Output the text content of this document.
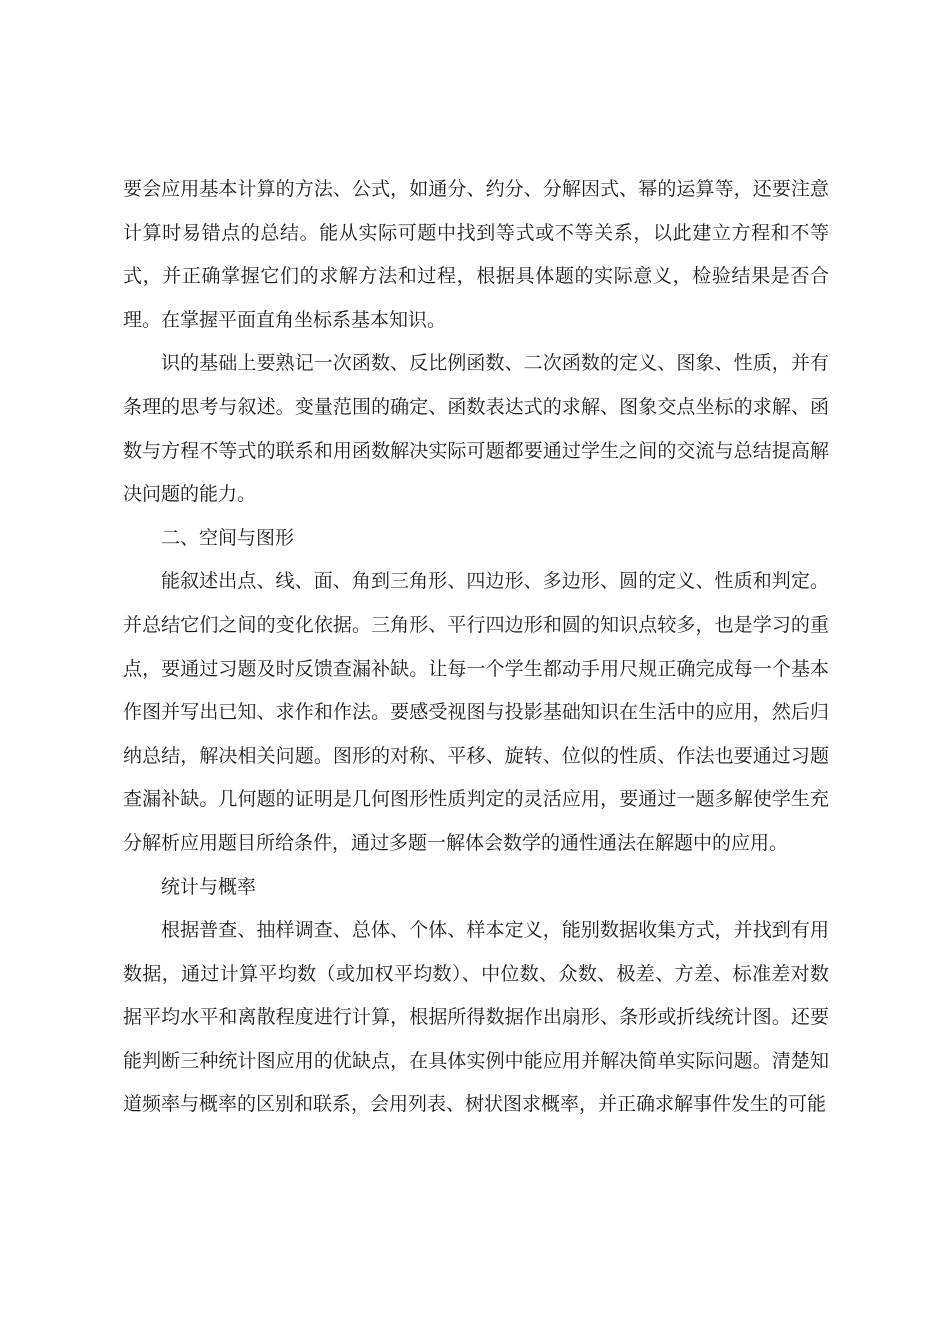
要会应用基本计算的方法、公式，如通分、约分、分解因式、幂的运算等，还要注意计算时易错点的总结。能从实际可题中找到等式或不等关系，以此建立方程和不等式，并正确掌握它们的求解方法和过程，根据具体题的实际意义，检验结果是否合理。在掌握平面直角坐标系基本知识。

识的基础上要熟记一次函数、反比例函数、二次函数的定义、图象、性质，并有条理的思考与叙述。变量范围的确定、函数表达式的求解、图象交点坐标的求解、函数与方程不等式的联系和用函数解决实际可题都要通过学生之间的交流与总结提高解决问题的能力。

二、空间与图形

能叙述出点、线、面、角到三角形、四边形、多边形、圆的定义、性质和判定。并总结它们之间的变化依据。三角形、平行四边形和圆的知识点较多，也是学习的重点，要通过习题及时反馈查漏补缺。让每一个学生都动手用尺规正确完成每一个基本作图并写出已知、求作和作法。要感受视图与投影基础知识在生活中的应用，然后归纳总结，解决相关问题。图形的对称、平移、旋转、位似的性质、作法也要通过习题查漏补缺。几何题的证明是几何图形性质判定的灵活应用，要通过一题多解使学生充分解析应用题目所给条件，通过多题一解体会数学的通性通法在解题中的应用。

统计与概率

根据普查、抽样调查、总体、个体、样本定义，能别数据收集方式，并找到有用数据，通过计算平均数（或加权平均数）、中位数、众数、极差、方差、标准差对数据平均水平和离散程度进行计算，根据所得数据作出扇形、条形或折线统计图。还要能判断三种统计图应用的优缺点，在具体实例中能应用并解决简单实际问题。清楚知道频率与概率的区别和联系，会用列表、树状图求概率，并正确求解事件发生的可能
